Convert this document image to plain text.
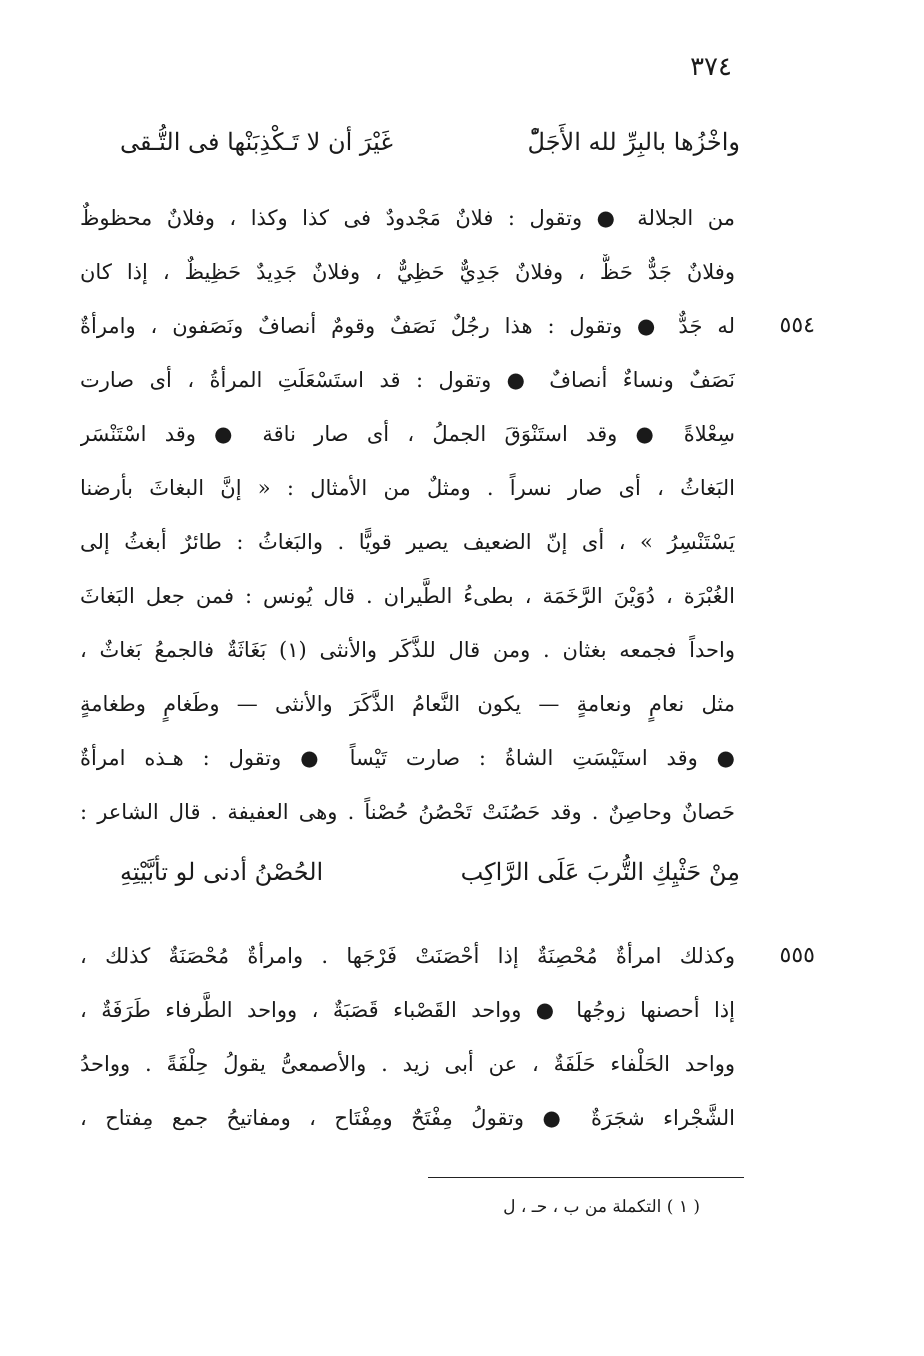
٣٧٤
غَيْرَ أن لا تَـكْذِبَنْها فى التُّـقى	واخْزُها بالبِرِّ لله الأَجَلّْ
من الجلالة ● وتقول : فلانٌ مَجْدودٌ فى كذا وكذا ، وفلانٌ محظوظٌ
وفلانٌ جَدٌّ حَظٌّ ، وفلانٌ جَدِيٌّ حَظِيٌّ ، وفلانٌ جَدِيدٌ حَظِيظٌ ، إذا كان
له جَدٌّ ● وتقول : هذا رجُلٌ نَصَفٌ وقومٌ أنصافٌ ونَصَفون ، وامرأةٌ	٥٥٤
نَصَفٌ ونساءٌ أنصافٌ ● وتقول : قد استَسْعَلَتِ المرأةُ ، أى صارت
سِعْلاةً ● وقد استَنْوَقَ الجملُ ، أى صار ناقة ● وقد اسْتَنْسَر
البَغاثُ ، أى صار نسراً . ومثلٌ من الأمثال : « إنَّ البغاثَ بأرضنا
يَسْتَنْسِرُ » ، أى إنّ الضعيف يصير قويًّا . والبَغاثُ : طائرٌ أبغثُ إلى
الغُبْرَة ، دُوَيْنَ الرَّخَمَة ، بطىءُ الطَّيران . قال يُونس : فمن جعل البَغاثَ
واحداً فجمعه بغثان . ومن قال للذَّكَر والأنثى (١) بَغَاثَةٌ فالجمعُ بَغاثٌ ،
مثل نعامٍ ونعامةٍ — يكون النَّعامُ الذَّكَرَ والأنثى — وطَغامٍ وطغامةٍ
● وقد استَيْسَتِ الشاةُ : صارت تَيْساً ● وتقول : هـذه امرأةٌ
حَصانٌ وحاصِنٌ . وقد حَصُنَتْ تَحْصُنُ حُصْناً . وهى العفيفة . قال الشاعر :
الحُصْنُ أدنى لو تأبَّيْتِهِ	مِنْ حَثْيِكِ التُّربَ عَلَى الرَّاكِب
وكذلك امرأةٌ مُحْصِنَةٌ إذا أحْصَنَتْ فَرْجَها . وامرأةٌ مُحْصَنَةٌ كذلك ،	٥٥٥
إذا أحصنها زوجُها ● وواحد القَصْباء قَصَبَةٌ ، وواحد الطَّرفاء طَرَفَةٌ ،
وواحد الحَلْفاء حَلَفَةٌ ، عن أبى زيد . والأصمعىُّ يقولُ حِلْفَةً . وواحدُ
الشَّجْراء شجَرَةٌ ● وتقولُ مِفْتَحٌ ومِفْتَاح ، ومفاتيحُ جمع مِفتاح ،
( ١ ) التكملة من ب ، حـ ، ل
